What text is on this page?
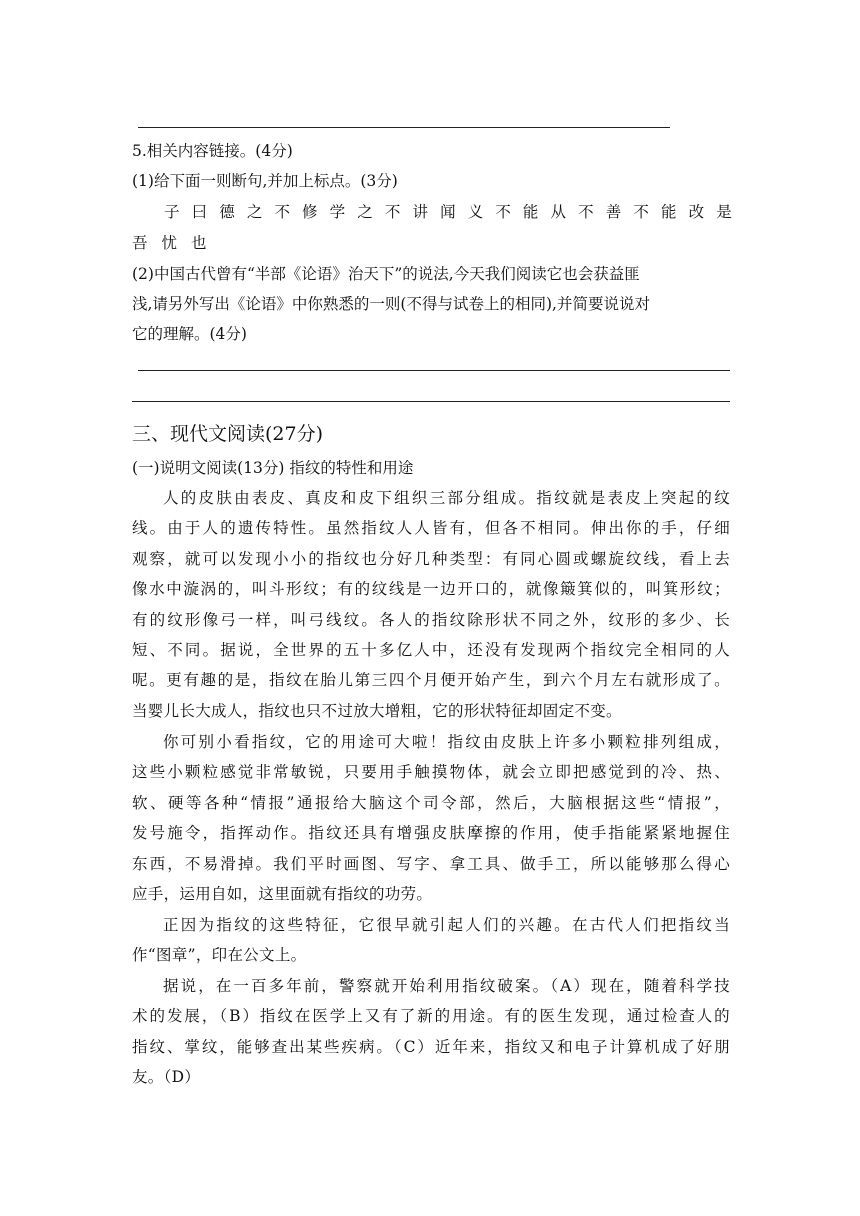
5.相关内容链接。(4分)
(1)给下面一则断句,并加上标点。(3分)
子 曰 德 之 不 修 学 之 不 讲 闻 义 不 能 从 不 善 不 能 改 是
吾 忧 也
(2)中国古代曾有“半部《论语》治天下”的说法,今天我们阅读它也会获益匪
浅,请另外写出《论语》中你熟悉的一则(不得与试卷上的相同),并简要说说对
它的理解。(4分)
三、现代文阅读(27分)
(一)说明文阅读(13分) 指纹的特性和用途
人的皮肤由表皮、真皮和皮下组织三部分组成。指纹就是表皮上突起的纹
线。由于人的遗传特性。虽然指纹人人皆有，但各不相同。伸出你的手，仔细
观察，就可以发现小小的指纹也分好几种类型：有同心圆或螺旋纹线，看上去
像水中漩涡的，叫斗形纹；有的纹线是一边开口的，就像簸箕似的，叫箕形纹；
有的纹形像弓一样，叫弓线纹。各人的指纹除形状不同之外，纹形的多少、长
短、不同。据说，全世界的五十多亿人中，还没有发现两个指纹完全相同的人
呢。更有趣的是，指纹在胎儿第三四个月便开始产生，到六个月左右就形成了。
当婴儿长大成人，指纹也只不过放大增粗，它的形状特征却固定不变。
你可别小看指纹，它的用途可大啦！指纹由皮肤上许多小颗粒排列组成，
这些小颗粒感觉非常敏锐，只要用手触摸物体，就会立即把感觉到的冷、热、
软、硬等各种“情报”通报给大脑这个司令部，然后，大脑根据这些“情报”，
发号施令，指挥动作。指纹还具有增强皮肤摩擦的作用，使手指能紧紧地握住
东西，不易滑掉。我们平时画图、写字、拿工具、做手工，所以能够那么得心
应手，运用自如，这里面就有指纹的功劳。
正因为指纹的这些特征，它很早就引起人们的兴趣。在古代人们把指纹当
作“图章”，印在公文上。
据说，在一百多年前，警察就开始利用指纹破案。（A）现在，随着科学技
术的发展，（B）指纹在医学上又有了新的用途。有的医生发现，通过检查人的
指纹、掌纹，能够查出某些疾病。（C）近年来，指纹又和电子计算机成了好朋
友。（D）
